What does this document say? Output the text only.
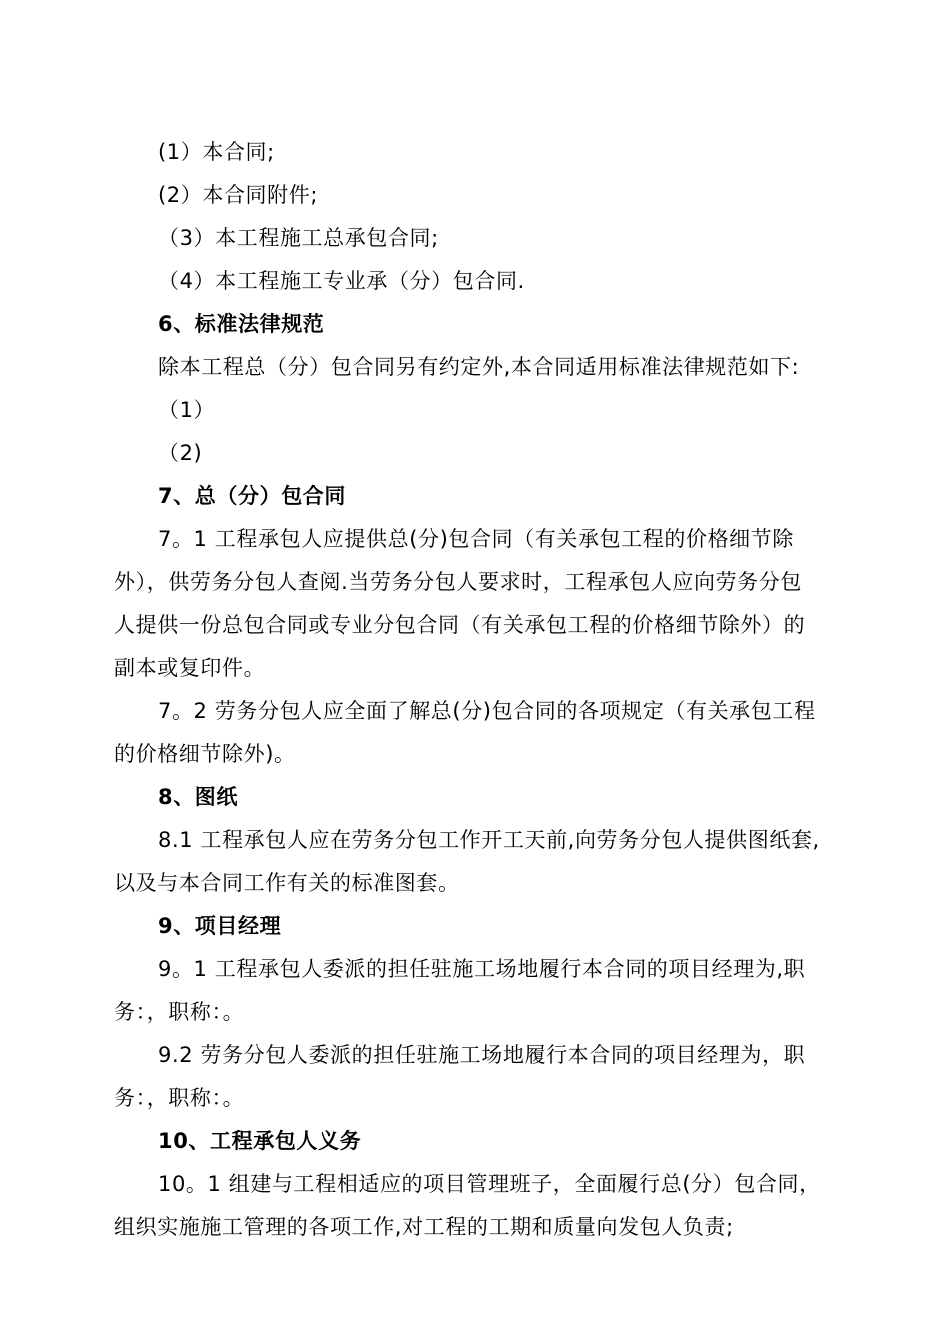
(1）本合同;
(2）本合同附件;
（3）本工程施工总承包合同;
（4）本工程施工专业承（分）包合同.
6、标准法律规范
除本工程总（分）包合同另有约定外,本合同适用标准法律规范如下:
（1）
（2)
7、总（分）包合同
7。1 工程承包人应提供总(分)包合同（有关承包工程的价格细节除
外），供劳务分包人查阅.当劳务分包人要求时，工程承包人应向劳务分包
人提供一份总包合同或专业分包合同（有关承包工程的价格细节除外）的
副本或复印件。
7。2 劳务分包人应全面了解总(分)包合同的各项规定（有关承包工程
的价格细节除外)。
8、图纸
8.1 工程承包人应在劳务分包工作开工天前,向劳务分包人提供图纸套,
以及与本合同工作有关的标准图套。
9、项目经理
9。1 工程承包人委派的担任驻施工场地履行本合同的项目经理为,职
务：，职称：。
9.2 劳务分包人委派的担任驻施工场地履行本合同的项目经理为，职
务：，职称：。
10、工程承包人义务
10。1 组建与工程相适应的项目管理班子，全面履行总(分）包合同，
组织实施施工管理的各项工作,对工程的工期和质量向发包人负责;
